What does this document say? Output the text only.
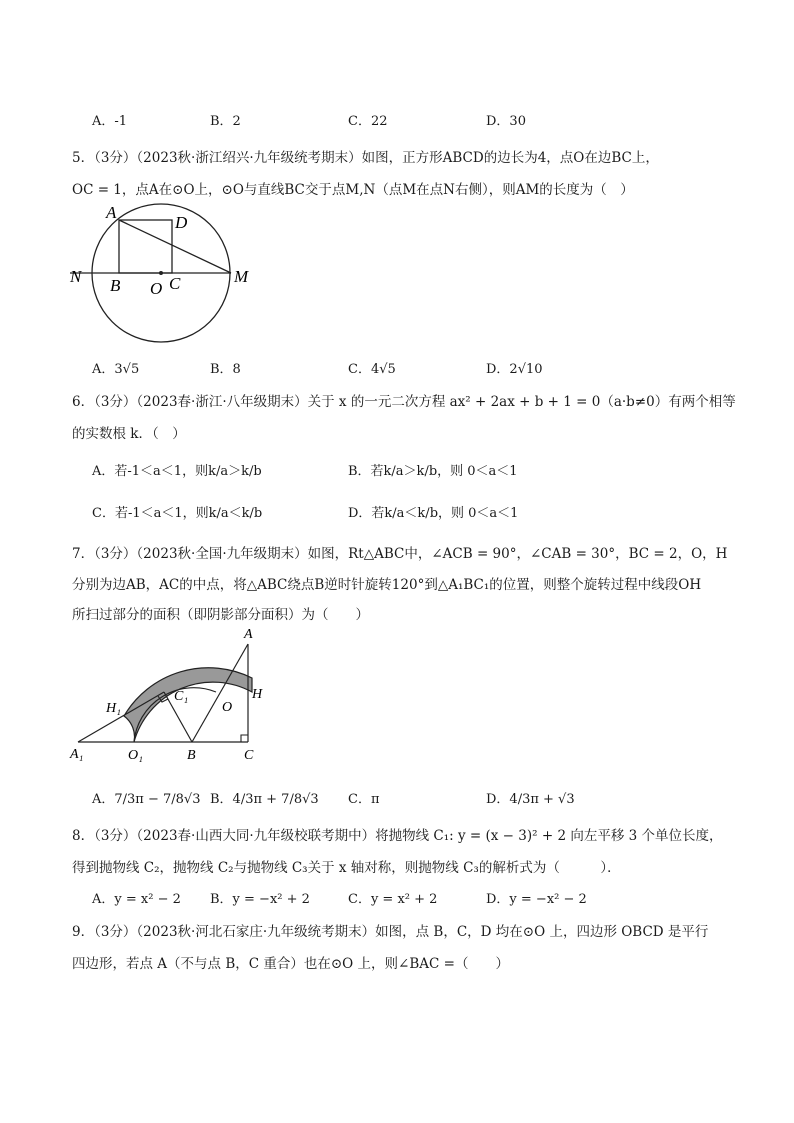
A．-1	B．2	C．22	D．30
5．（3分）（2023秋·浙江绍兴·九年级统考期末）如图，正方形ABCD的边长为4，点O在边BC上，
OC = 1，点A在⊙O上，⊙O与直线BC交于点M,N（点M在点N右侧），则AM的长度为（　）
A
D
N B O C	M
A．3√5	B．8	C．4√5	D．2√10
6．（3分）（2023春·浙江·八年级期末）关于 x 的一元二次方程 ax² + 2ax + b + 1 = 0（a·b≠0）有两个相等
的实数根 k．（　）
A．若-1＜a＜1，则k/a＞k/b	B．若k/a＞k/b，则 0＜a＜1
C．若-1＜a＜1，则k/a＜k/b	D．若k/a＜k/b，则 0＜a＜1
7．（3分）（2023秋·全国·九年级期末）如图，Rt△ABC中，∠ACB = 90°，∠CAB = 30°，BC = 2，O，H
分别为边AB，AC的中点，将△ABC绕点B逆时针旋转120°到△A₁BC₁的位置，则整个旋转过程中线段OH
所扫过部分的面积（即阴影部分面积）为（　　）
A
H₁
C₁
O
H
A₁	O₁	B	C
A．7/3π − 7/8√3 B．4/3π + 7/8√3 C．π	D．4/3π + √3
8．（3分）（2023春·山西大同·九年级校联考期中）将抛物线 C₁: y = (x − 3)² + 2 向左平移 3 个单位长度，
得到抛物线 C₂，抛物线 C₂与抛物线 C₃关于 x 轴对称，则抛物线 C₃的解析式为（　　　）．
A．y = x² − 2 B．y = −x² + 2	C．y = x² + 2	D．y = −x² − 2
9．（3分）（2023秋·河北石家庄·九年级统考期末）如图，点 B，C，D 均在⊙O 上，四边形 OBCD 是平行
四边形，若点 A（不与点 B，C 重合）也在⊙O 上，则∠BAC =（　　）
